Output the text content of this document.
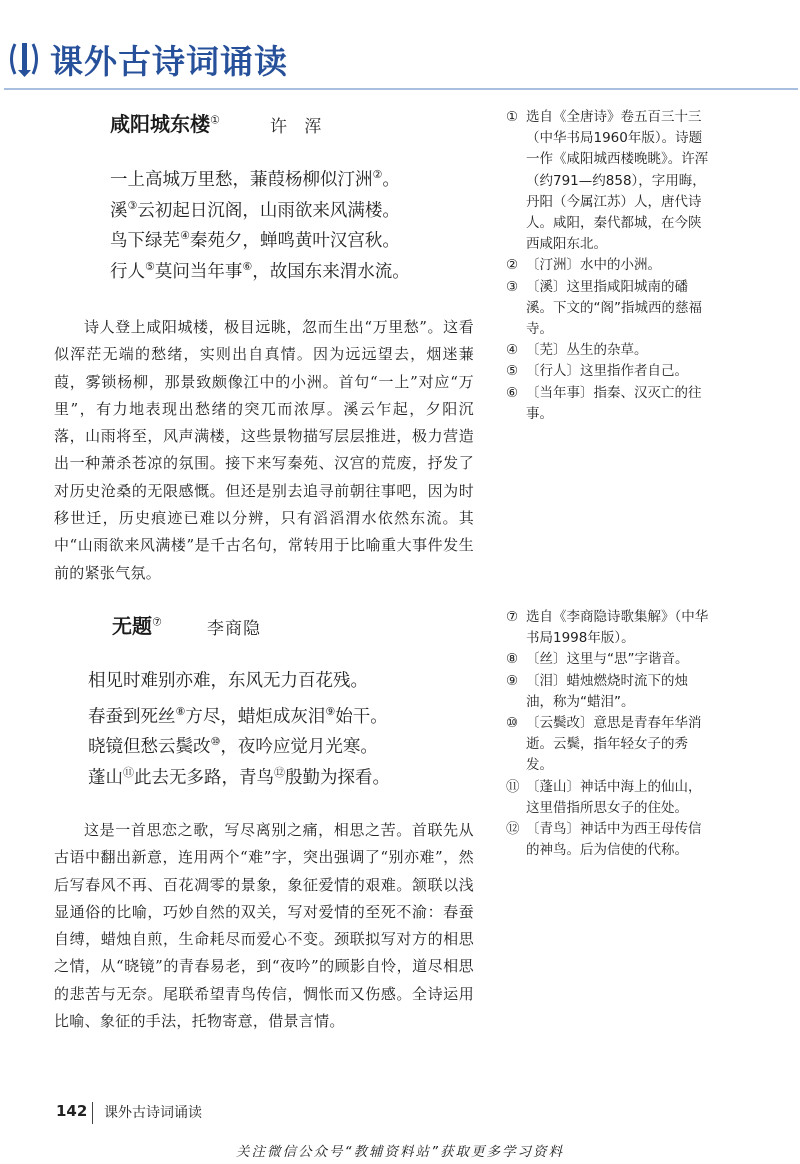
课外古诗词诵读
咸阳城东楼①	许 浑
一上高城万里愁，蒹葭杨柳似汀洲②。
溪③云初起日沉阁，山雨欲来风满楼。
鸟下绿芜④秦苑夕，蝉鸣黄叶汉宫秋。
行人⑤莫问当年事⑥，故国东来渭水流。

诗人登上咸阳城楼，极目远眺，忽而生出“万里愁”。这看似浑茫无端的愁绪，实则出自真情。因为远远望去，烟迷蒹葭，雾锁杨柳，那景致颇像江中的小洲。首句“一上”对应“万里”，有力地表现出愁绪的突兀而浓厚。溪云乍起，夕阳沉落，山雨将至，风声满楼，这些景物描写层层推进，极力营造出一种萧杀苍凉的氛围。接下来写秦苑、汉宫的荒废，抒发了对历史沧桑的无限感慨。但还是别去追寻前朝往事吧，因为时移世迁，历史痕迹已难以分辨，只有滔滔渭水依然东流。其中“山雨欲来风满楼”是千古名句，常转用于比喻重大事件发生前的紧张气氛。

① 选自《全唐诗》卷五百三十三（中华书局1960年版）。诗题一作《咸阳城西楼晚眺》。许浑（约791—约858），字用晦，丹阳（今属江苏）人，唐代诗人。咸阳，秦代都城，在今陕西咸阳东北。
② 〔汀洲〕水中的小洲。
③ 〔溪〕这里指咸阳城南的磻溪。下文的“阁”指城西的慈福寺。
④ 〔芜〕丛生的杂草。
⑤ 〔行人〕这里指作者自己。
⑥ 〔当年事〕指秦、汉灭亡的往事。
无题⑦	李商隐
相见时难别亦难，东风无力百花残。
春蚕到死丝⑧方尽，蜡炬成灰泪⑨始干。
晓镜但愁云鬓改⑩，夜吟应觉月光寒。
蓬山⑪此去无多路，青鸟⑫殷勤为探看。

这是一首思恋之歌，写尽离别之痛，相思之苦。首联先从古语中翻出新意，连用两个“难”字，突出强调了“别亦难”，然后写春风不再、百花凋零的景象，象征爱情的艰难。颔联以浅显通俗的比喻，巧妙自然的双关，写对爱情的至死不渝：春蚕自缚，蜡烛自煎，生命耗尽而爱心不变。颈联拟写对方的相思之情，从“晓镜”的青春易老，到“夜吟”的顾影自怜，道尽相思的悲苦与无奈。尾联希望青鸟传信，惆怅而又伤感。全诗运用比喻、象征的手法，托物寄意，借景言情。

⑦ 选自《李商隐诗歌集解》（中华书局1998年版）。
⑧ 〔丝〕这里与“思”字谐音。
⑨ 〔泪〕蜡烛燃烧时流下的烛油，称为“蜡泪”。
⑩ 〔云鬓改〕意思是青春年华消逝。云鬓，指年轻女子的秀发。
⑪ 〔蓬山〕神话中海上的仙山，这里借指所思女子的住处。
⑫ 〔青鸟〕神话中为西王母传信的神鸟。后为信使的代称。
142 课外古诗词诵读
关注微信公众号“教辅资料站”获取更多学习资料
